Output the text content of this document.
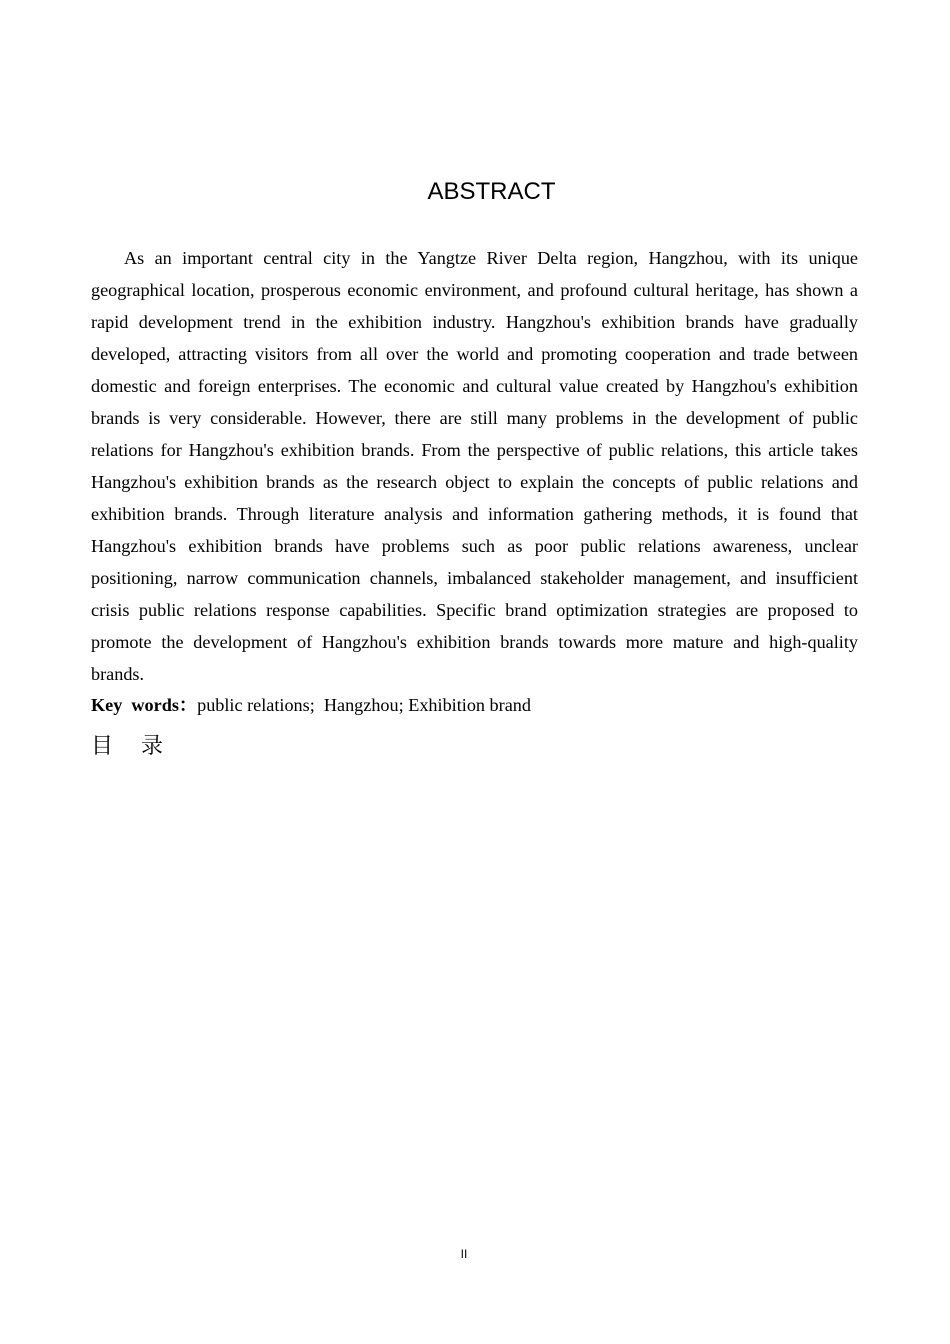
ABSTRACT

As an important central city in the Yangtze River Delta region, Hangzhou, with its unique geographical location, prosperous economic environment, and profound cultural heritage, has shown a rapid development trend in the exhibition industry. Hangzhou's exhibition brands have gradually developed, attracting visitors from all over the world and promoting cooperation and trade between domestic and foreign enterprises. The economic and cultural value created by Hangzhou's exhibition brands is very considerable. However, there are still many problems in the development of public relations for Hangzhou's exhibition brands. From the perspective of public relations, this article takes Hangzhou's exhibition brands as the research object to explain the concepts of public relations and exhibition brands. Through literature analysis and information gathering methods, it is found that Hangzhou's exhibition brands have problems such as poor public relations awareness, unclear positioning, narrow communication channels, imbalanced stakeholder management, and insufficient crisis public relations response capabilities. Specific brand optimization strategies are proposed to promote the development of Hangzhou's exhibition brands towards more mature and high-quality brands.

Key  words：public relations;  Hangzhou; Exhibition brand

目    录
II
